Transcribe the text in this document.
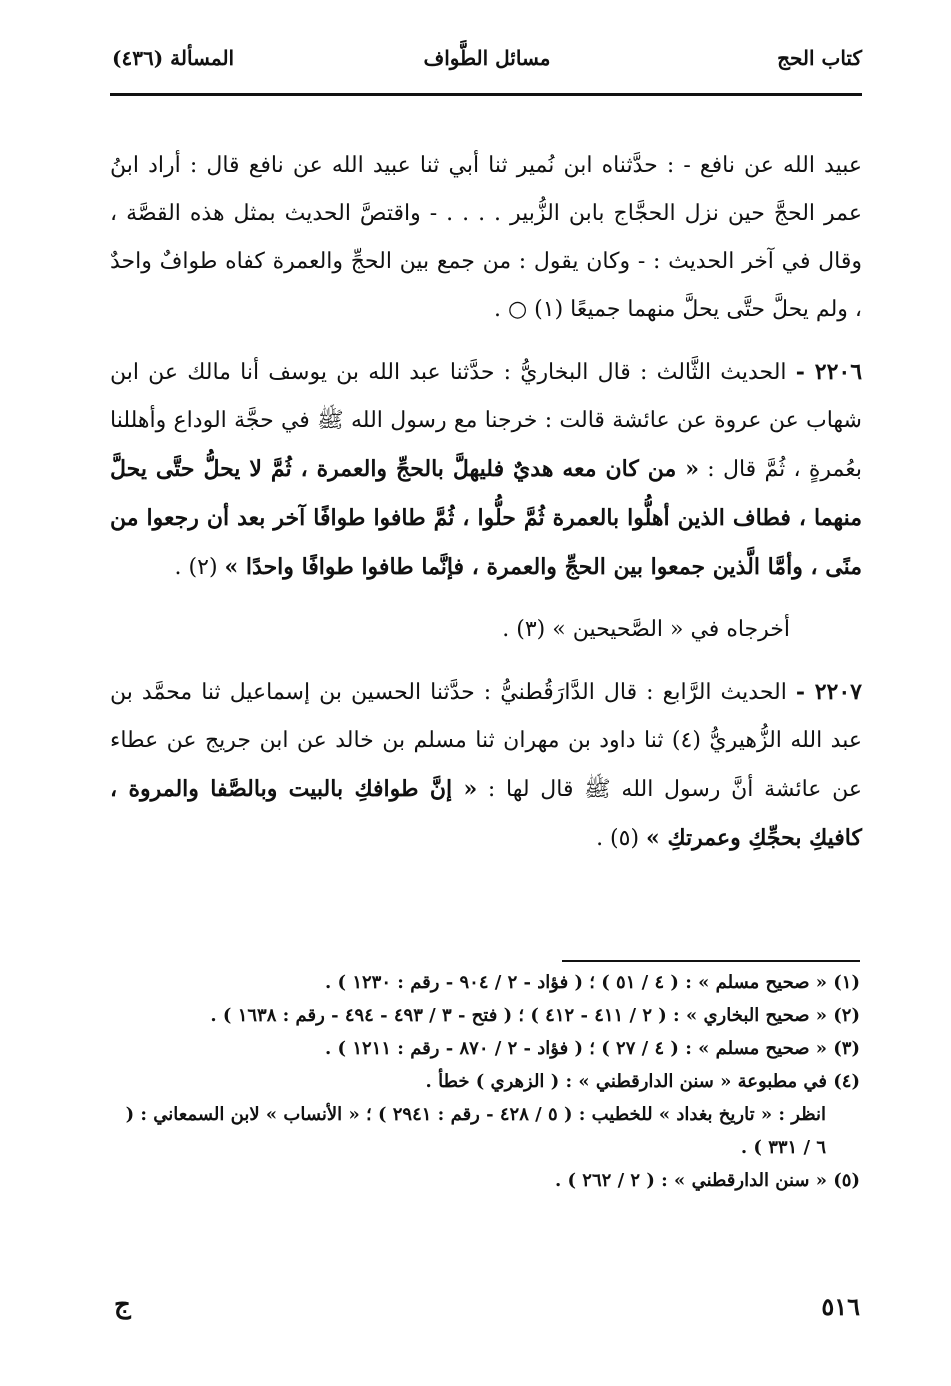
كتاب الحج
مسائل الطَّواف
المسألة (٤٣٦)

عبيد الله عن نافع - : حدَّثناه ابن نُمير ثنا أبي ثنا عبيد الله عن نافع قال : أراد ابنُ عمر الحجَّ حين نزل الحجَّاج بابن الزُّبير . . . . - واقتصَّ الحديث بمثل هذه القصَّة ، وقال في آخر الحديث : - وكان يقول : من جمع بين الحجِّ والعمرة كفاه طوافٌ واحدٌ ، ولم يحلَّ حتَّى يحلَّ منهما جميعًا (١) ○ .

٢٢٠٦ - الحديث الثَّالث : قال البخاريُّ : حدَّثنا عبد الله بن يوسف أنا مالك عن ابن شهاب عن عروة عن عائشة قالت : خرجنا مع رسول الله ﷺ في حجَّة الوداع وأهللنا بعُمرةٍ ، ثُمَّ قال : « من كان معه هديٌ فليهلَّ بالحجِّ والعمرة ، ثُمَّ لا يحلُّ حتَّى يحلَّ منهما ، فطاف الذين أهلُّوا بالعمرة ثُمَّ حلُّوا ، ثُمَّ طافوا طوافًا آخر بعد أن رجعوا من منًى ، وأمَّا الَّذين جمعوا بين الحجِّ والعمرة ، فإنَّما طافوا طوافًا واحدًا » (٢) .

أخرجاه في « الصَّحيحين » (٣) .

٢٢٠٧ - الحديث الرَّابع : قال الدَّارَقُطنيُّ : حدَّثنا الحسين بن إسماعيل ثنا محمَّد بن عبد الله الزُّهيريُّ (٤) ثنا داود بن مهران ثنا مسلم بن خالد عن ابن جريج عن عطاء عن عائشة أنَّ رسول الله ﷺ قال لها : « إنَّ طوافكِ بالبيت وبالصَّفا والمروة ، كافيكِ بحجِّكِ وعمرتكِ » (٥) .

(١) « صحيح مسلم » : ( ٤ / ٥١ ) ؛ ( فؤاد - ٢ / ٩٠٤ - رقم : ١٢٣٠ ) .

(٢) « صحيح البخاري » : ( ٢ / ٤١١ - ٤١٢ ) ؛ ( فتح - ٣ / ٤٩٣ - ٤٩٤ - رقم : ١٦٣٨ ) .

(٣) « صحيح مسلم » : ( ٤ / ٢٧ ) ؛ ( فؤاد - ٢ / ٨٧٠ - رقم : ١٢١١ ) .

(٤) في مطبوعة « سنن الدارقطني » : ( الزهري ) خطأ .

انظر : « تاريخ بغداد » للخطيب : ( ٥ / ٤٢٨ - رقم : ٢٩٤١ ) ؛ « الأنساب » لابن السمعاني : ( ٦ / ٣٣١ ) .

(٥) « سنن الدارقطني » : ( ٢ / ٢٦٢ ) .

٥١٦
ج
